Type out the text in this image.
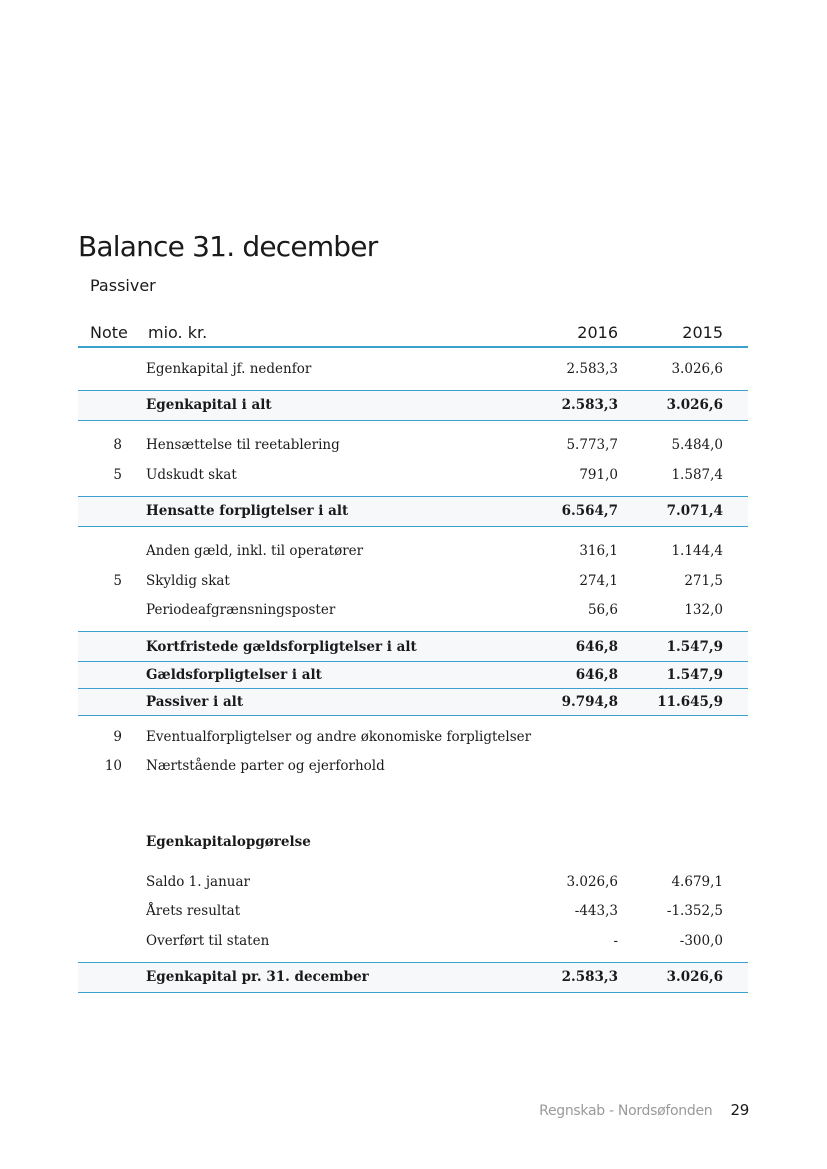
Balance 31. december
Passiver
Note mio. kr.	2016	2015
Egenkapital jf. nedenfor	2.583,3	3.026,6
Egenkapital i alt	2.583,3	3.026,6
8 Hensættelse til reetablering	5.773,7	5.484,0
5 Udskudt skat	791,0	1.587,4
Hensatte forpligtelser i alt	6.564,7	7.071,4
Anden gæld, inkl. til operatører	316,1	1.144,4
5 Skyldig skat	274,1	271,5
Periodeafgrænsningsposter	56,6	132,0
Kortfristede gældsforpligtelser i alt	646,8	1.547,9
Gældsforpligtelser i alt	646,8	1.547,9
Passiver i alt	9.794,8	11.645,9
9 Eventualforpligtelser og andre økonomiske forpligtelser
10 Nærtstående parter og ejerforhold
Egenkapitalopgørelse
Saldo 1. januar	3.026,6	4.679,1
Årets resultat	-443,3	-1.352,5
Overført til staten	-	-300,0
Egenkapital pr. 31. december	2.583,3	3.026,6
Regnskab - Nordsøfonden 29
